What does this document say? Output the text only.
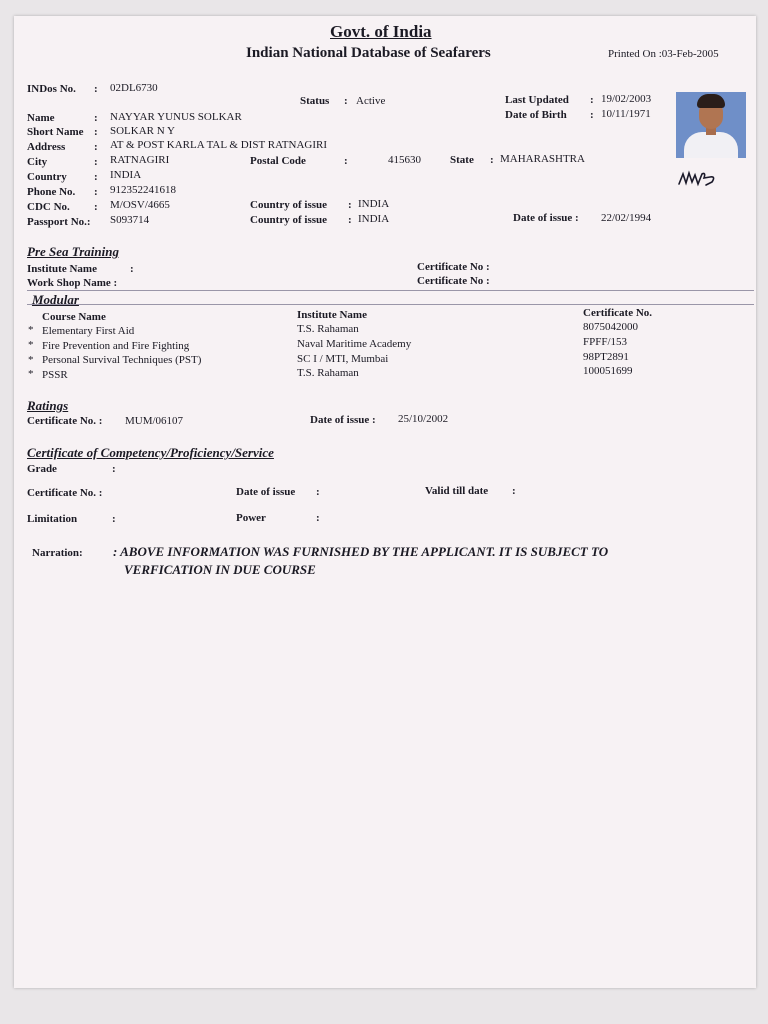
Govt. of India
Indian National Database of Seafarers	Printed On :03-Feb-2005
INDos No. : 02DL6730
Status : Active	Last Updated : 19/02/2003
Date of Birth : 10/11/1971
Name	: NAYYAR YUNUS SOLKAR
Short Name : SOLKAR N Y
Address	: AT & POST KARLA TAL & DIST RATNAGIRI
City	: RATNAGIRI	Postal Code	:	415630	State : MAHARASHTRA
Country : INDIA
Phone No. : 912352241618
CDC No. : M/OSV/4665	Country of issue : INDIA
Passport No.: S093714	Country of issue : INDIA	Date of issue : 22/02/1994
Pre Sea Training
Institute Name	:
Work Shop Name :
Certificate No :
Certificate No :
Modular
Course Name	Institute Name	Certificate No.
* Elementary First Aid	T.S. Rahaman	8075042000
* Fire Prevention and Fire Fighting	Naval Maritime Academy	FPFF/153
* Personal Survival Techniques (PST)	SC I / MTI, Mumbai	98PT2891
* PSSR	T.S. Rahaman	100051699
Ratings
Certificate No. : MUM/06107	Date of issue : 25/10/2002
Certificate of Competency/Proficiency/Service
Grade	:
Certificate No. :	Date of issue :	Valid till date :
Limitation	:	Power	:
Narration: : ABOVE INFORMATION WAS FURNISHED BY THE APPLICANT. IT IS SUBJECT TO
VERFICATION IN DUE COURSE
